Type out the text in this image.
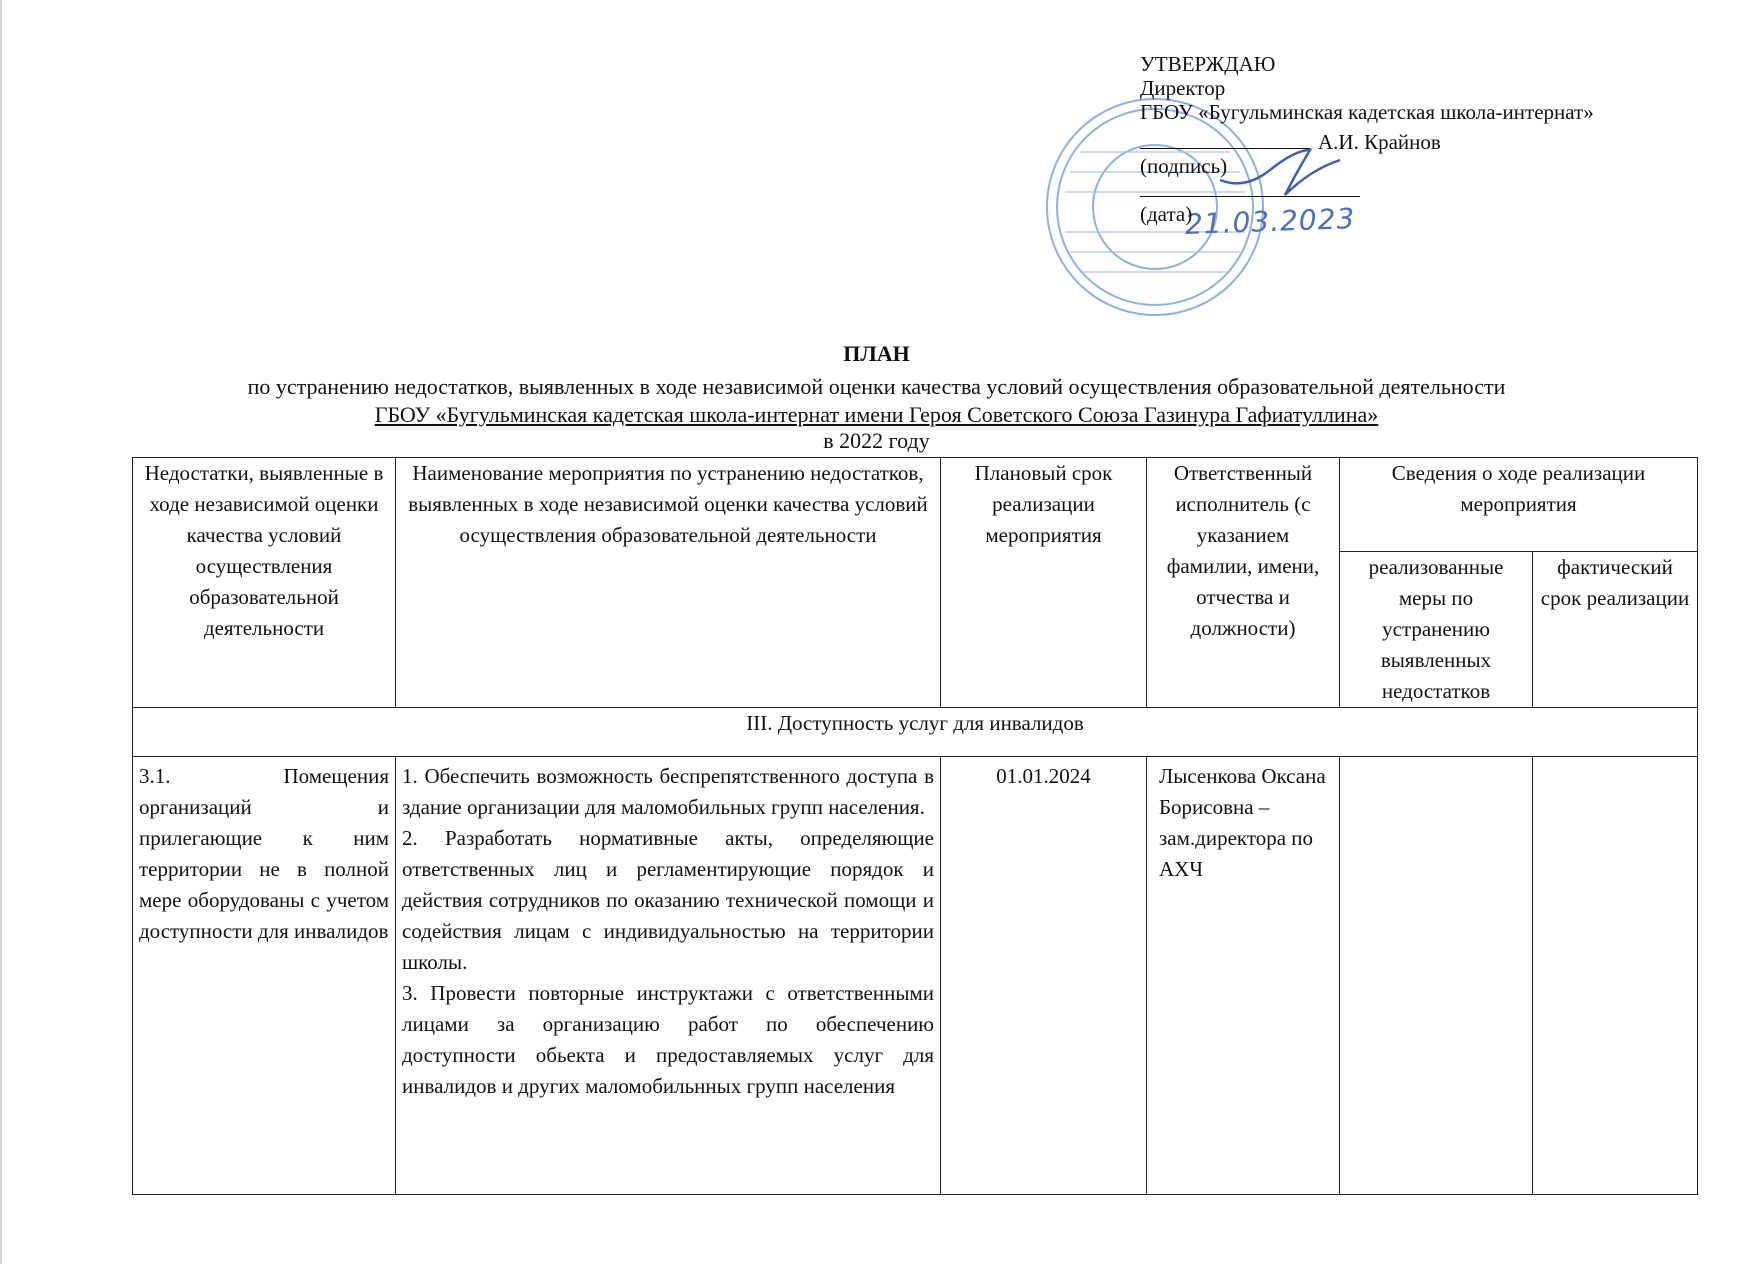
21.03.2023
УТВЕРЖДАЮ
Директор
ГБОУ «Бугульминская кадетская школа-интернат»
А.И. Крайнов
(подпись)
(дата)
ПЛАН
по устранению недостатков, выявленных в ходе независимой оценки качества условий осуществления образовательной деятельности
ГБОУ «Бугульминская кадетская школа-интернат имени Героя Советского Союза Газинура Гафиатуллина»
в 2022 году
Недостатки, выявленные в ходе независимой оценки качества условий осуществления образовательной деятельности	Наименование мероприятия по устранению недостатков, выявленных в ходе независимой оценки качества условий осуществления образовательной деятельности	Плановый срок реализации мероприятия	Ответственный исполнитель (с указанием фамилии, имени, отчества и должности)	Сведения о ходе реализации мероприятия	
				реализованные меры по устранению выявленных недостатков	фактический срок реализации
III. Доступность услуг для инвалидов					

3.1. Помещения организаций и прилегающие к ним территории не в полной мере оборудованы с учетом доступности для инвалидов	1. Обеспечить возможность беспрепятственного доступа в здание организации для маломобильных групп населения.
2. Разработать нормативные акты, определяющие ответственных лиц и регламентирующие порядок и действия сотрудников по оказанию технической помощи и содействия лицам с индивидуальностью на территории школы.
3. Провести повторные инструктажи с ответственными лицами за организацию работ по обеспечению доступности обьекта и предоставляемых услуг для инвалидов и других маломобильнных групп населения	01.01.2024	Лысенкова Оксана Борисовна – зам.директора по АХЧ		
